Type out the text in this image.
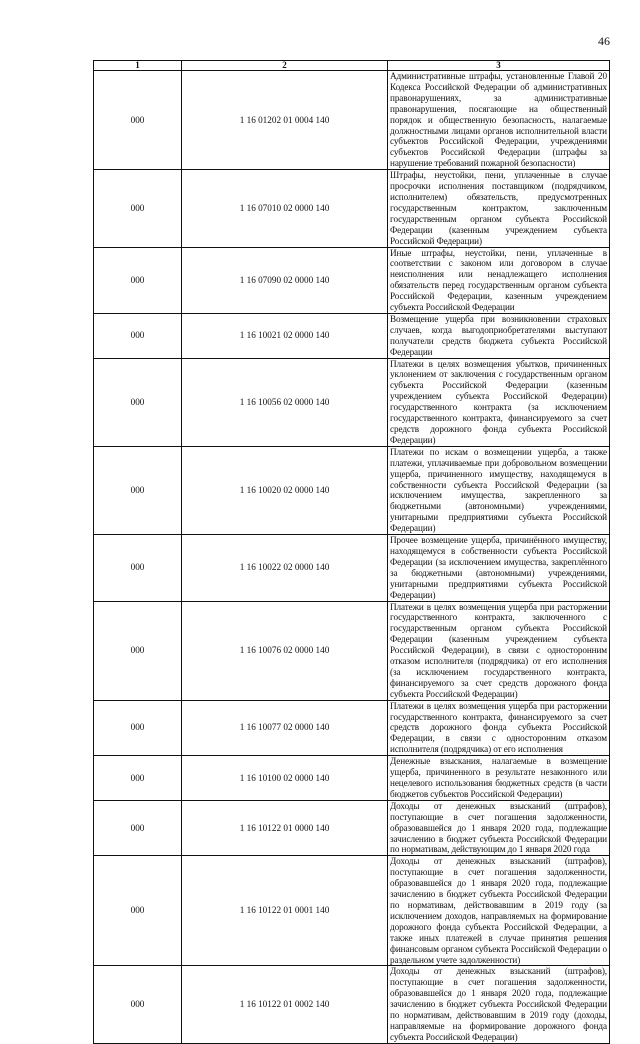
46
1	2	3
000	1 16 01202 01 0004 140	Административные штрафы, установленные Главой 20 Кодекса Российской Федерации об административных правонарушениях, за административные правонарушения, посягающие на общественный порядок и общественную безопасность, налагаемые должностными лицами органов исполнительной власти субъектов Российской Федерации, учреждениями субъектов Российской Федерации (штрафы за нарушение требований пожарной безопасности)
000	1 16 07010 02 0000 140	Штрафы, неустойки, пени, уплаченные в случае просрочки исполнения поставщиком (подрядчиком, исполнителем) обязательств, предусмотренных государственным контрактом, заключенным государственным органом субъекта Российской Федерации (казенным учреждением субъекта Российской Федерации)
000	1 16 07090 02 0000 140	Иные штрафы, неустойки, пени, уплаченные в соответствии с законом или договором в случае неисполнения или ненадлежащего исполнения обязательств перед государственным органом субъекта Российской Федерации, казенным учреждением субъекта Российской Федерации
000	1 16 10021 02 0000 140	Возмещение ущерба при возникновении страховых случаев, когда выгодоприобретателями выступают получатели средств бюджета субъекта Российской Федерации
000	1 16 10056 02 0000 140	Платежи в целях возмещения убытков, причиненных уклонением от заключения с государственным органом субъекта Российской Федерации (казенным учреждением субъекта Российской Федерации) государственного контракта (за исключением государственного контракта, финансируемого за счет средств дорожного фонда субъекта Российской Федерации)
000	1 16 10020 02 0000 140	Платежи по искам о возмещении ущерба, а также платежи, уплачиваемые при добровольном возмещении ущерба, причиненного имуществу, находящемуся в собственности субъекта Российской Федерации (за исключением имущества, закрепленного за бюджетными (автономными) учреждениями, унитарными предприятиями субъекта Российской Федерации)
000	1 16 10022 02 0000 140	Прочее возмещение ущерба, причинённого имуществу, находящемуся в собственности субъекта Российской Федерации (за исключением имущества, закреплённого за бюджетными (автономными) учреждениями, унитарными предприятиями субъекта Российской Федерации)
000	1 16 10076 02 0000 140	Платежи в целях возмещения ущерба при расторжении государственного контракта, заключенного с государственным органом субъекта Российской Федерации (казенным учреждением субъекта Российской Федерации), в связи с односторонним отказом исполнителя (подрядчика) от его исполнения (за исключением государственного контракта, финансируемого за счет средств дорожного фонда субъекта Российской Федерации)
000	1 16 10077 02 0000 140	Платежи в целях возмещения ущерба при расторжении государственного контракта, финансируемого за счет средств дорожного фонда субъекта Российской Федерации, в связи с односторонним отказом исполнителя (подрядчика) от его исполнения
000	1 16 10100 02 0000 140	Денежные взыскания, налагаемые в возмещение ущерба, причиненного в результате незаконного или нецелевого использования бюджетных средств (в части бюджетов субъектов Российской Федерации)
000	1 16 10122 01 0000 140	Доходы от денежных взысканий (штрафов), поступающие в счет погашения задолженности, образовавшейся до 1 января 2020 года, подлежащие зачислению в бюджет субъекта Российской Федерации по нормативам, действующим до 1 января 2020 года
000	1 16 10122 01 0001 140	Доходы от денежных взысканий (штрафов), поступающие в счет погашения задолженности, образовавшейся до 1 января 2020 года, подлежащие зачислению в бюджет субъекта Российской Федерации по нормативам, действовавшим в 2019 году (за исключением доходов, направляемых на формирование дорожного фонда субъекта Российской Федерации, а также иных платежей в случае принятия решения финансовым органом субъекта Российской Федерации о раздельном учете задолженности)
000	1 16 10122 01 0002 140	Доходы от денежных взысканий (штрафов), поступающие в счет погашения задолженности, образовавшейся до 1 января 2020 года, подлежащие зачислению в бюджет субъекта Российской Федерации по нормативам, действовавшим в 2019 году (доходы, направляемые на формирование дорожного фонда субъекта Российской Федерации)
